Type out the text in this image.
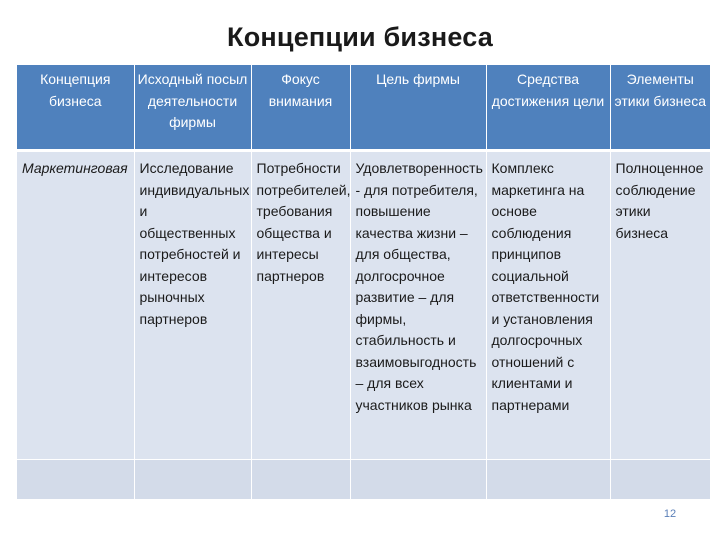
Концепции бизнеса
Концепция бизнеса	Исходный посыл деятельности фирмы	Фокус внимания	Цель фирмы	Средства достижения цели	Элементы этики бизнеса
Маркетинговая	Исследование индивидуальных и общественных потребностей и интересов рыночных партнеров	Потребности потребителей, требования общества и интересы партнеров	Удовлетворенность - для потребителя, повышение качества жизни – для общества, долгосрочное развитие – для фирмы, стабильность и взаимовыгодность – для всех участников рынка	Комплекс маркетинга на основе соблюдения принципов социальной ответственности и установления долгосрочных отношений с клиентами и партнерами	Полноценное соблюдение этики бизнеса

12
